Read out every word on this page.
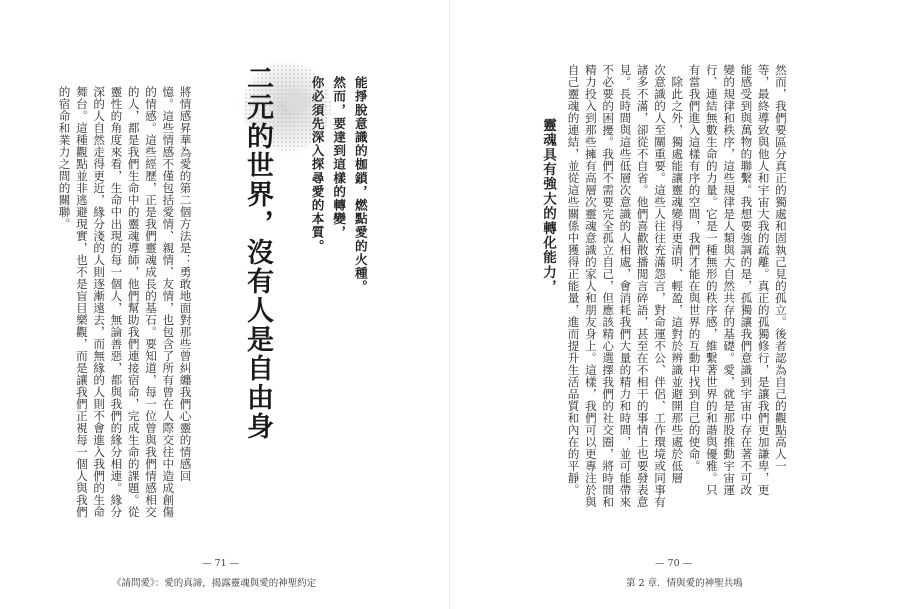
二元的世界，沒有人是自由身	能掙脫意識的枷鎖，燃點愛的火種。
然而，要達到這樣的轉變，
你必須先深入探尋愛的本質。
將情感昇華為愛的第二個方法是：勇敢地面對那些曾糾纏我們心靈的情感回
憶。這些情感不僅包括愛情、親情、友情，也包含了所有曾在人際交往中造成創傷
的情感。這些經歷，正是我們靈魂成長的基石。要知道，每一位曾與我們情感相交
的人，都是我們生命中的靈魂導師，他們幫助我們連接宿命，完成生命的課題。從
靈性的角度來看，生命中出現的每一個人，無論善惡，都與我們的緣分相連。緣分
深的人自然走得更近，緣分淺的人則逐漸遠去，而無緣的人則不會進入我們的生命
舞台。這種觀點並非逃避現實，也不是盲目樂觀，而是讓我們正視每一個人與我們
的宿命和業力之間的關聯。
— 71 —
《請問愛》：愛的真諦，揭露靈魂與愛的神聖約定
然而，我們要區分真正的獨處和固執己見的孤立。後者認為自己的觀點高人一
等，最終導致與他人和宇宙大我的疏離。真正的孤獨修行，是讓我們更加謙卑，更
能感受到與萬物的聯繫。我想要強調的是，孤獨讓我們意識到宇宙中存在著不可改
變的規律和秩序，這些規律是人類與大自然共存的基礎。愛，就是那股推動宇宙運
行、連結無數生命的力量。它是一種無形的秩序感，維繫著世界的和諧與優雅。只
有當我們進入這樣有序的空間，我們才能在與世界的互動中找到自己的使命。
除此之外，獨處能讓靈魂變得更清明、輕盈，這對於辨識並避開那些處於低層
次意識的人至關重要。這些人往往充滿怨言，對命運不公、伴侶、工作環境或同事有
諸多不滿，卻從不自省。他們喜歡散播閒言碎語，甚至在不相干的事情上也要發表意
見。長時間與這些低層次意識的人相處，會消耗我們大量的精力和時間，並可能帶來
不必要的困擾。我們不需要完全孤立自己，但應該精心選擇我們的社交圈，將時間和
精力投入到那些擁有高層次靈魂意識的家人和朋友身上。這樣，我們可以更專注於與
自己靈魂的連結，並從這些關係中獲得正能量，進而提升生活品質和內在的平靜。
— 70 —
第 2 章．情與愛的神聖共鳴
靈魂具有強大的轉化能力，
